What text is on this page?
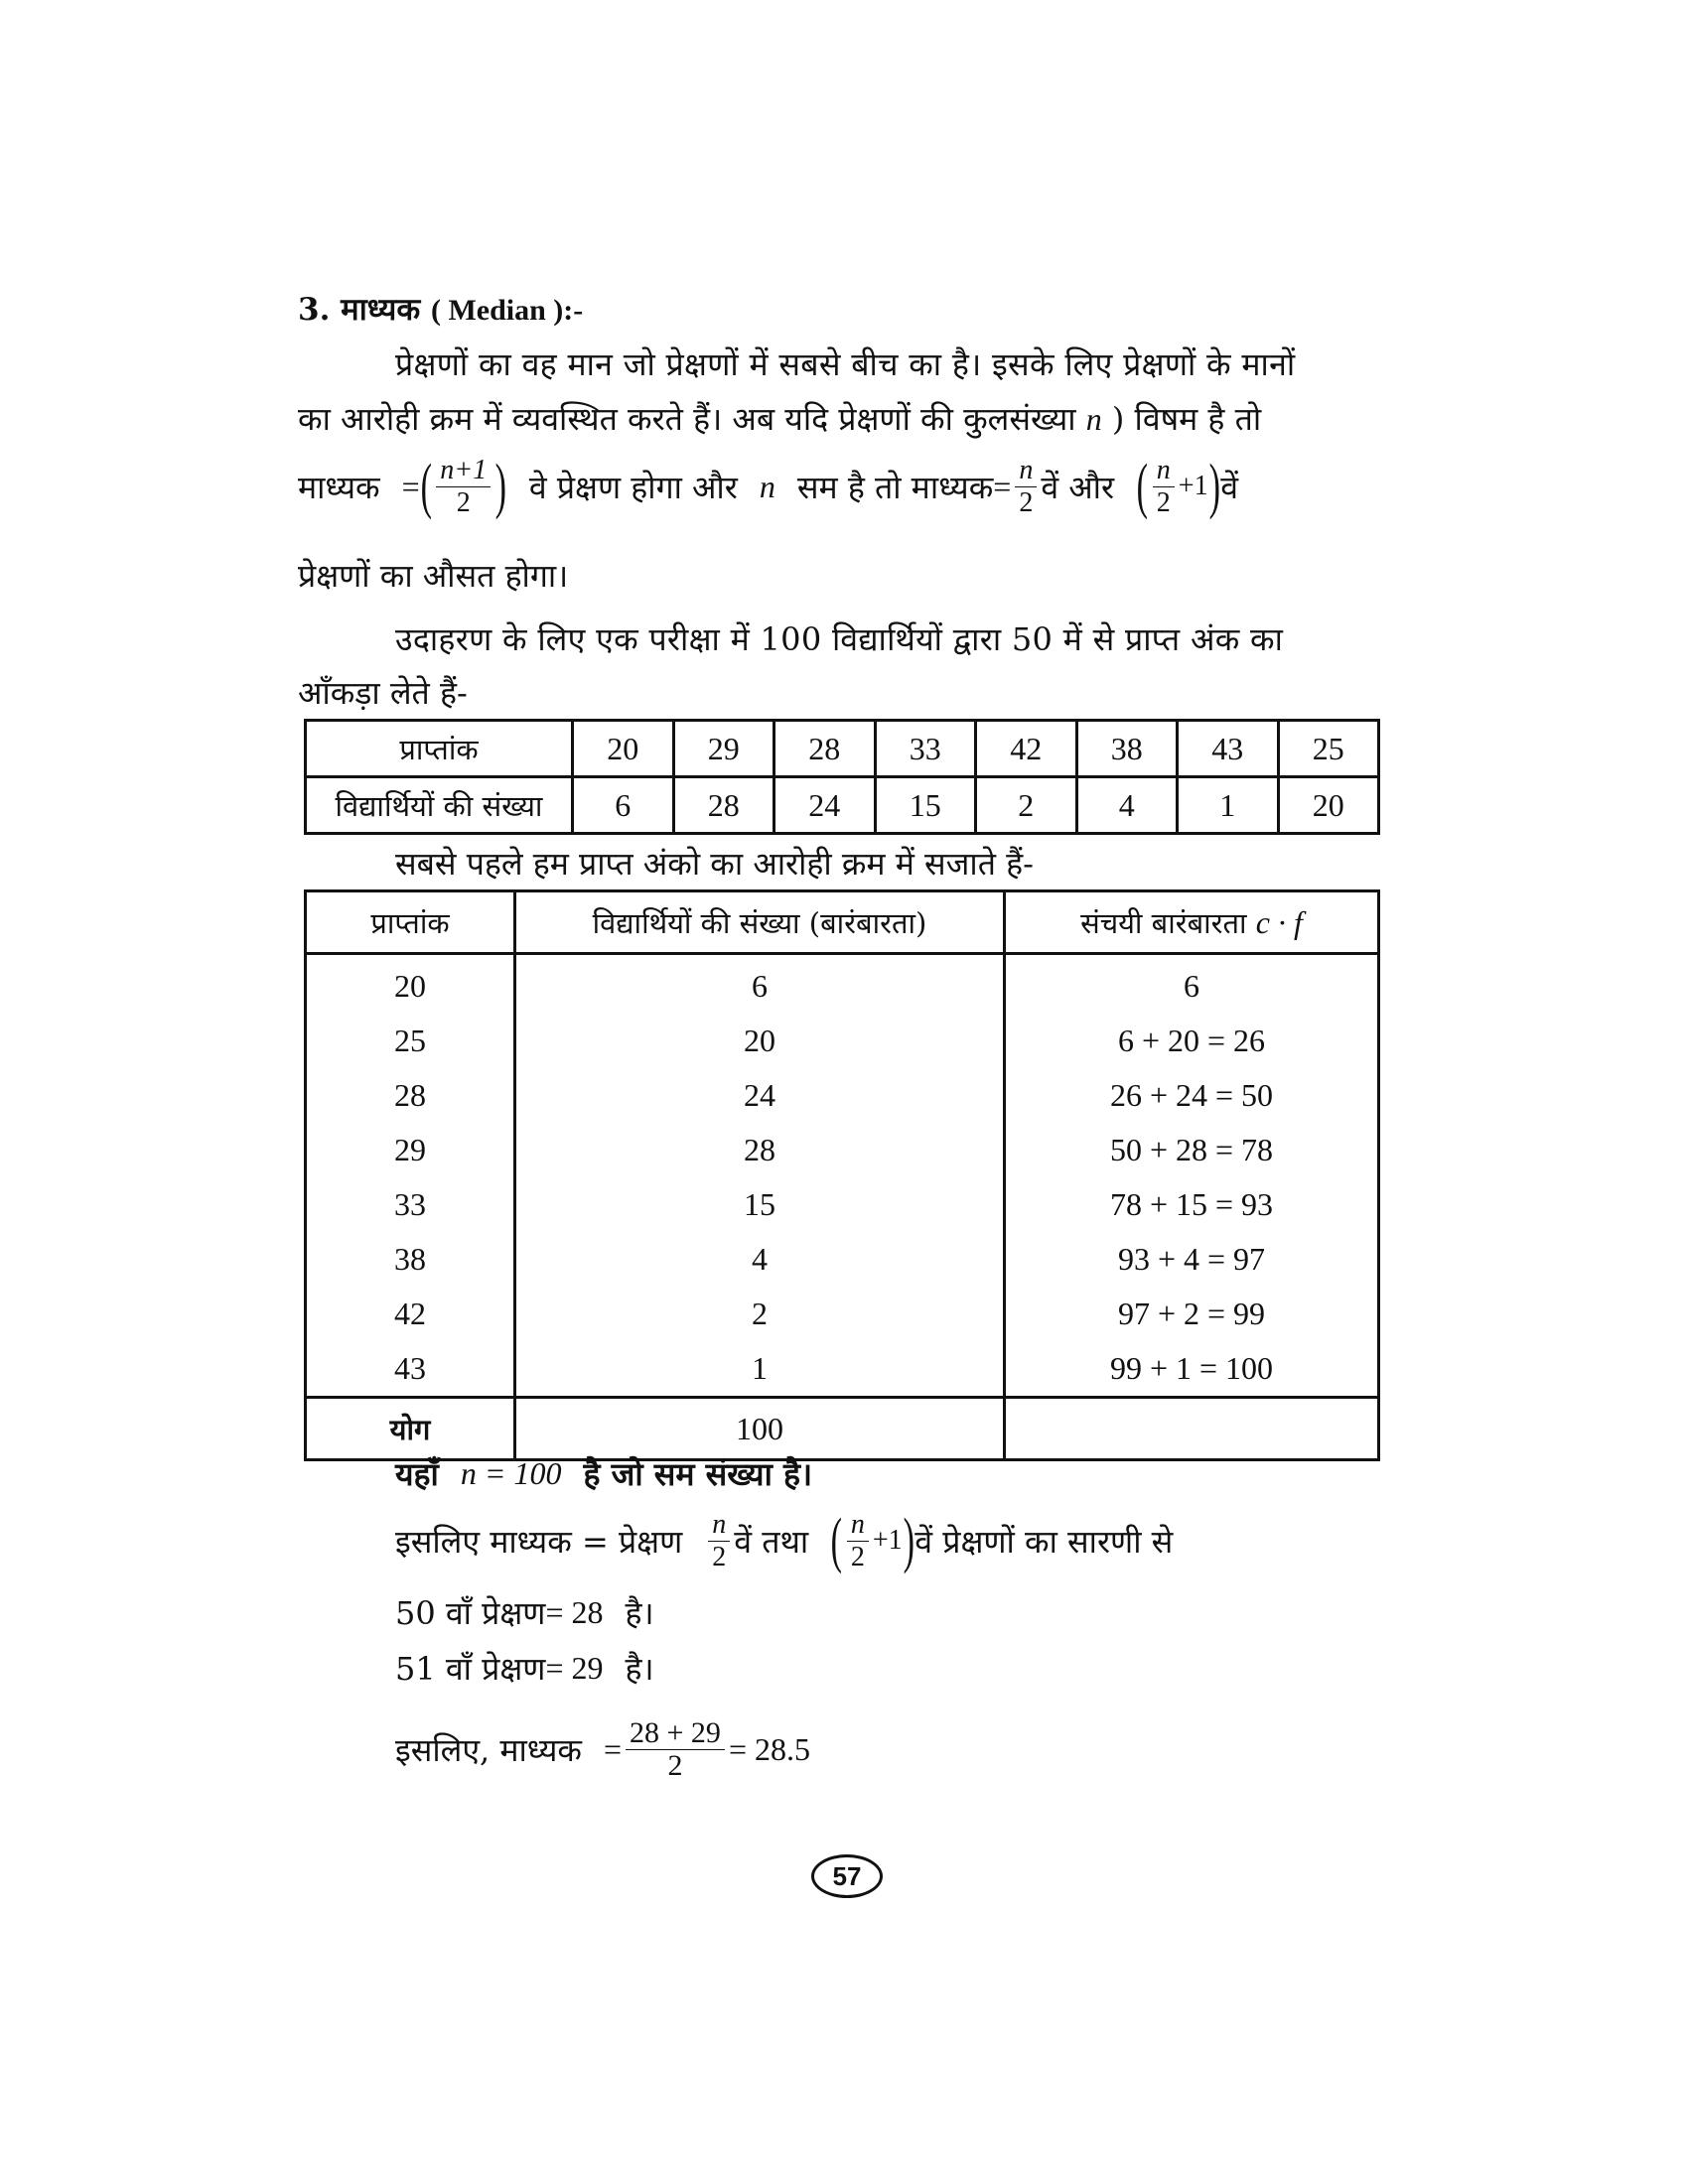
3. माध्यक ( Median ):-
प्रेक्षणों का वह मान जो प्रेक्षणों में सबसे बीच का है। इसके लिए प्रेक्षणों के मानों
का आरोही क्रम में व्यवस्थित करते हैं। अब यदि प्रेक्षणों की कुलसंख्या n ) विषम है तो
माध्यक = ( $\frac{n+1}{2}$ ) वे प्रेक्षण होगा और n सम है तो माध्यक = $\frac{n}{2}$ वें और ( $\frac{n}{2} +1$ ) वें
प्रेक्षणों का औसत होगा।
उदाहरण के लिए एक परीक्षा में 100 विद्यार्थियों द्वारा 50 में से प्राप्त अंक का
आँकड़ा लेते हैं-
प्राप्तांक	20	29	28	33	42	38	43	25
विद्यार्थियों की संख्या	6	28	24	15	2	4	1	20
सबसे पहले हम प्राप्त अंको का आरोही क्रम में सजाते हैं-
प्राप्तांक	विद्यार्थियों की संख्या (बारंबारता)	संचयी बारंबारता c · f
20	6	6
25	20	6 + 20 = 26
28	24	26 + 24 = 50
29	28	50 + 28 = 78
33	15	78 + 15 = 93
38	4	93 + 4 = 97
42	2	97 + 2 = 99
43	1	99 + 1 = 100
योग	100	
यहाँ n = 100 है जो सम संख्या है।
इसलिए माध्यक = प्रेक्षण $\frac{n}{2}$ वें तथा ( $\frac{n}{2} +1$ ) वें प्रेक्षणों का सारणी से
50 वाँ प्रेक्षण = 28 है।
51 वाँ प्रेक्षण = 29 है।
इसलिए, माध्यक = $\frac{28 + 29}{2} = 28.5$
57
